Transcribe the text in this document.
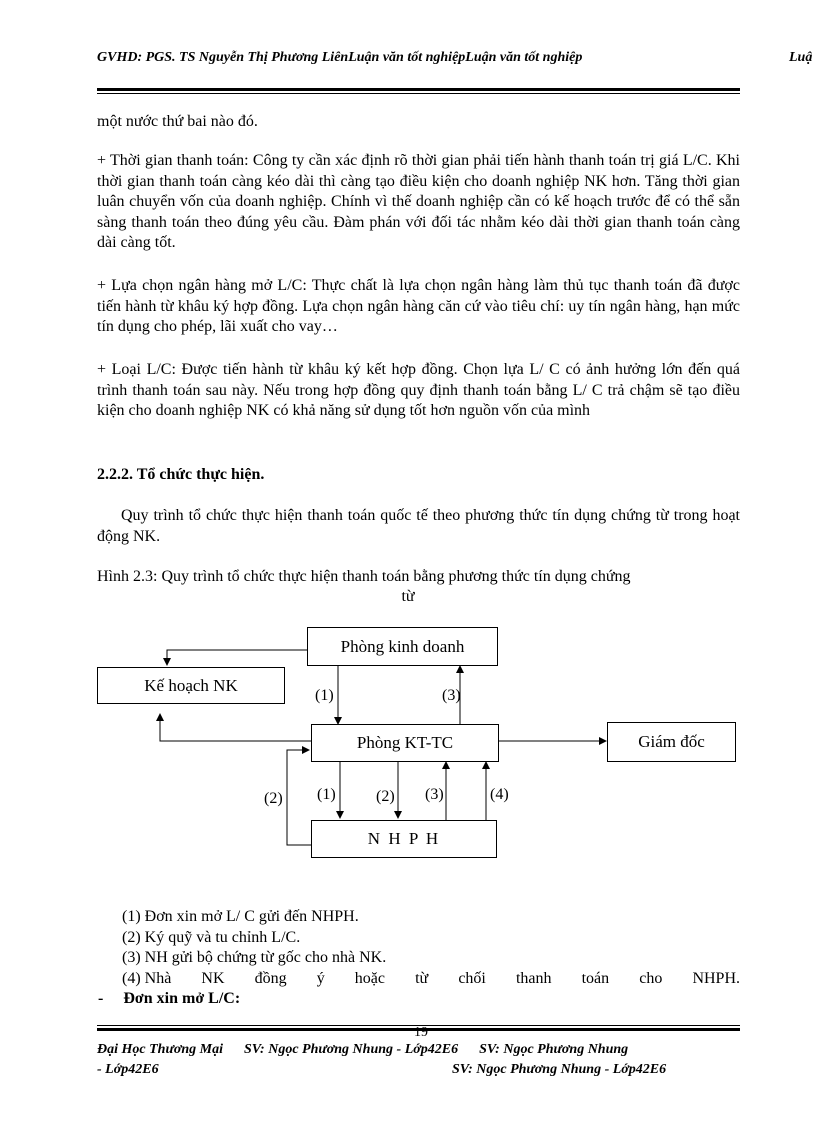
GVHD: PGS. TS Nguyễn Thị Phương LiênLuận văn tốt nghiệpLuận văn tốt nghiệp	Luậ

một nước thứ bai nào đó.

+ Thời gian thanh toán: Công ty cần xác định rõ thời gian phải tiến hành thanh toán trị giá L/C. Khi thời gian thanh toán càng kéo dài thì càng tạo điều kiện cho doanh nghiệp NK hơn. Tăng thời gian luân chuyển vốn của doanh nghiệp. Chính vì thế doanh nghiệp cần có kế hoạch trước để có thể sẵn sàng thanh toán theo đúng yêu cầu. Đàm phán với đối tác nhằm kéo dài thời gian thanh toán càng dài càng tốt.

+ Lựa chọn ngân hàng mở L/C: Thực chất là lựa chọn ngân hàng làm thủ tục thanh toán đã được tiến hành từ khâu ký hợp đồng. Lựa chọn ngân hàng căn cứ vào tiêu chí: uy tín ngân hàng, hạn mức tín dụng cho phép, lãi xuất cho vay…

+ Loại L/C: Được tiến hành từ khâu ký kết hợp đồng. Chọn lựa L/ C có ảnh hưởng lớn đến quá trình thanh toán sau này. Nếu trong hợp đồng quy định thanh toán bằng L/ C trả chậm sẽ tạo điều kiện cho doanh nghiệp NK có khả năng sử dụng tốt hơn nguồn vốn của mình

2.2.2. Tổ chức thực hiện.

Quy trình tổ chức thực hiện thanh toán quốc tế theo phương thức tín dụng chứng từ trong hoạt động NK.

Hình 2.3: Quy trình tổ chức thực hiện thanh toán bằng phương thức tín dụng chứng

từ
Phòng kinh doanh
Kế hoạch NK
Phòng KT-TC	Giám đốc
N H P H
(1)	(3)
(2) (1)	(2) (3)	(4)
(1) Đơn xin mở L/ C gửi đến NHPH.
(2) Ký quỹ và tu chỉnh L/C.
(3) NH gửi bộ chứng từ gốc cho nhà NK.
(4) Nhà NK đồng ý hoặc từ chối thanh toán cho NHPH.
- Đơn xin mở L/C:
19
Đại Học Thương Mại      SV: Ngọc Phương Nhung - Lớp42E6      SV: Ngọc Phương Nhung
- Lớp42E6	SV: Ngọc Phương Nhung - Lớp42E6
